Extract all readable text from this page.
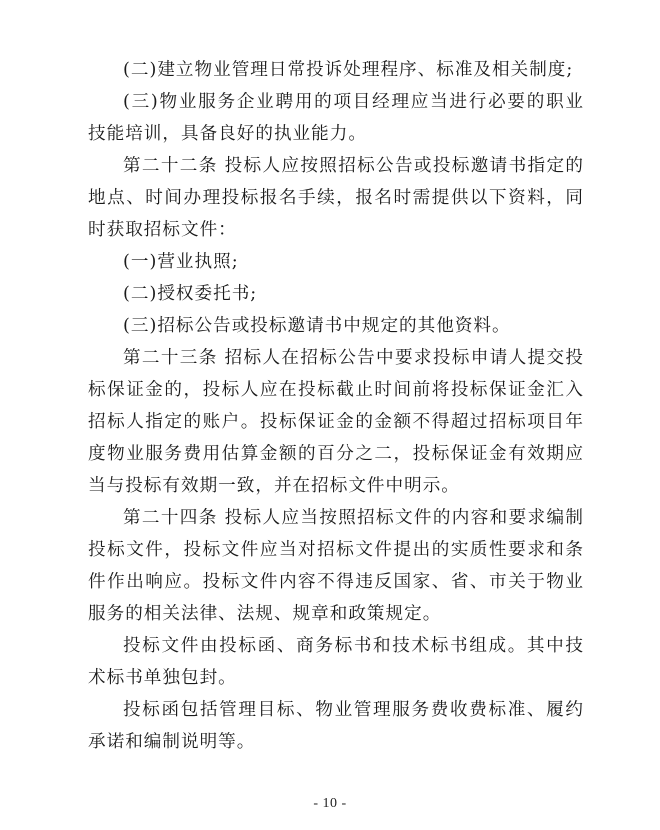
(二)建立物业管理日常投诉处理程序、标准及相关制度;

(三)物业服务企业聘用的项目经理应当进行必要的职业技能培训，具备良好的执业能力。

第二十二条 投标人应按照招标公告或投标邀请书指定的地点、时间办理投标报名手续，报名时需提供以下资料，同时获取招标文件：

(一)营业执照;

(二)授权委托书;

(三)招标公告或投标邀请书中规定的其他资料。

第二十三条 招标人在招标公告中要求投标申请人提交投标保证金的，投标人应在投标截止时间前将投标保证金汇入招标人指定的账户。投标保证金的金额不得超过招标项目年度物业服务费用估算金额的百分之二，投标保证金有效期应当与投标有效期一致，并在招标文件中明示。

第二十四条 投标人应当按照招标文件的内容和要求编制投标文件，投标文件应当对招标文件提出的实质性要求和条件作出响应。投标文件内容不得违反国家、省、市关于物业服务的相关法律、法规、规章和政策规定。

投标文件由投标函、商务标书和技术标书组成。其中技术标书单独包封。

投标函包括管理目标、物业管理服务费收费标准、履约承诺和编制说明等。

- 10 -
